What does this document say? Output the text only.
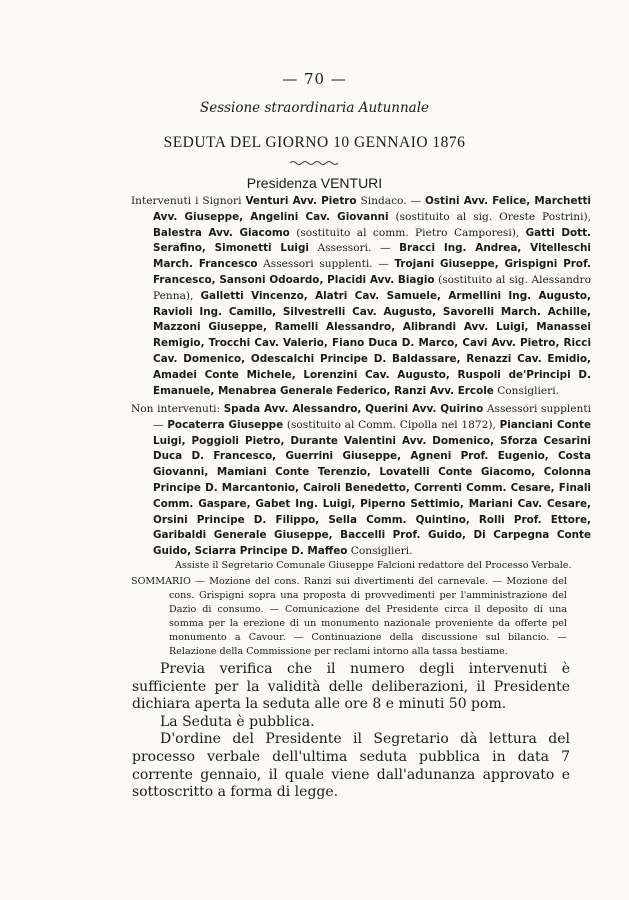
— 70 —
Sessione straordinaria Autunnale
SEDUTA DEL GIORNO 10 GENNAIO 1876
Presidenza VENTURI

Intervenuti i Signori Venturi Avv. Pietro Sindaco. — Ostini Avv. Felice, Marchetti Avv. Giuseppe, Angelini Cav. Giovanni (sostituito al sig. Oreste Postrini), Balestra Avv. Giacomo (sostituito al comm. Pietro Camporesi), Gatti Dott. Serafino, Simonetti Luigi Assessori. — Bracci Ing. Andrea, Vitelleschi March. Francesco Assessori supplenti. — Trojani Giuseppe, Grispigni Prof. Francesco, Sansoni Odoardo, Placidi Avv. Biagio (sostituito al sig. Alessandro Penna), Galletti Vincenzo, Alatri Cav. Samuele, Armellini Ing. Augusto, Ravioli Ing. Camillo, Silvestrelli Cav. Augusto, Savorelli March. Achille, Mazzoni Giuseppe, Ramelli Alessandro, Alibrandi Avv. Luigi, Manassei Remigio, Trocchi Cav. Valerio, Fiano Duca D. Marco, Cavi Avv. Pietro, Ricci Cav. Domenico, Odescalchi Principe D. Baldassare, Renazzi Cav. Emidio, Amadei Conte Michele, Lorenzini Cav. Augusto, Ruspoli de'Principi D. Emanuele, Menabrea Generale Federico, Ranzi Avv. Ercole Consiglieri.

Non intervenuti: Spada Avv. Alessandro, Querini Avv. Quirino Assessori supplenti — Pocaterra Giuseppe (sostituito al Comm. Cipolla nel 1872), Pianciani Conte Luigi, Poggioli Pietro, Durante Valentini Avv. Domenico, Sforza Cesarini Duca D. Francesco, Guerrini Giuseppe, Agneni Prof. Eugenio, Costa Giovanni, Mamiani Conte Terenzio, Lovatelli Conte Giacomo, Colonna Principe D. Marcantonio, Cairoli Benedetto, Correnti Comm. Cesare, Finali Comm. Gaspare, Gabet Ing. Luigi, Piperno Settimio, Mariani Cav. Cesare, Orsini Principe D. Filippo, Sella Comm. Quintino, Rolli Prof. Ettore, Garibaldi Generale Giuseppe, Baccelli Prof. Guido, Di Carpegna Conte Guido, Sciarra Principe D. Maffeo Consiglieri.

Assiste il Segretario Comunale Giuseppe Falcioni redattore del Processo Verbale.

SOMMARIO — Mozione del cons. Ranzi sui divertimenti del carnevale. — Mozione del cons. Grispigni sopra una proposta di provvedimenti per l'amministrazione del Dazio di consumo. — Comunicazione del Presidente circa il deposito di una somma per la erezione di un monumento nazionale proveniente da offerte pel monumento a Cavour. — Continuazione della discussione sul bilancio. — Relazione della Commissione per reclami intorno alla tassa bestiame.

Previa verifica che il numero degli intervenuti è sufficiente per la validità delle deliberazioni, il Presidente dichiara aperta la seduta alle ore 8 e minuti 50 pom.

La Seduta è pubblica.

D'ordine del Presidente il Segretario dà lettura del processo verbale dell'ultima seduta pubblica in data 7 corrente gennaio, il quale viene dall'adunanza approvato e sottoscritto a forma di legge.
